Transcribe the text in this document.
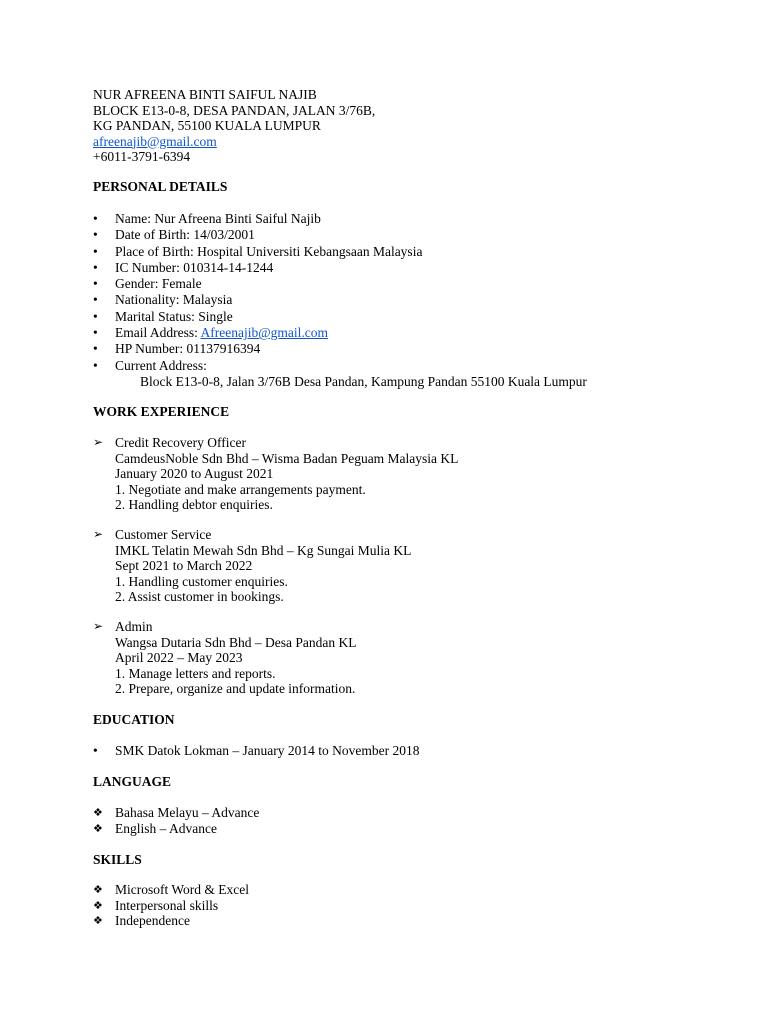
NUR AFREENA BINTI SAIFUL NAJIB
BLOCK E13-0-8, DESA PANDAN, JALAN 3/76B,
KG PANDAN, 55100 KUALA LUMPUR
afreenajib@gmail.com
+6011-3791-6394
PERSONAL DETAILS
•
Name: Nur Afreena Binti Saiful Najib
•
Date of Birth: 14/03/2001
•
Place of Birth: Hospital Universiti Kebangsaan Malaysia
•
IC Number: 010314-14-1244
•
Gender: Female
•
Nationality: Malaysia
•
Marital Status: Single
•
Email Address: Afreenajib@gmail.com
•
HP Number: 01137916394
•
Current Address:
Block E13-0-8, Jalan 3/76B Desa Pandan, Kampung Pandan 55100 Kuala Lumpur
WORK EXPERIENCE
➢ Credit Recovery Officer
CamdeusNoble Sdn Bhd – Wisma Badan Peguam Malaysia KL
January 2020 to August 2021
1. Negotiate and make arrangements payment.
2. Handling debtor enquiries.
➢ Customer Service
IMKL Telatin Mewah Sdn Bhd – Kg Sungai Mulia KL
Sept 2021 to March 2022
1. Handling customer enquiries.
2. Assist customer in bookings.
➢ Admin
Wangsa Dutaria Sdn Bhd – Desa Pandan KL
April 2022 – May 2023
1. Manage letters and reports.
2. Prepare, organize and update information.
EDUCATION
•
SMK Datok Lokman – January 2014 to November 2018
LANGUAGE
❖ Bahasa Melayu – Advance
❖ English – Advance
SKILLS
❖ Microsoft Word & Excel
❖ Interpersonal skills
❖ Independence
